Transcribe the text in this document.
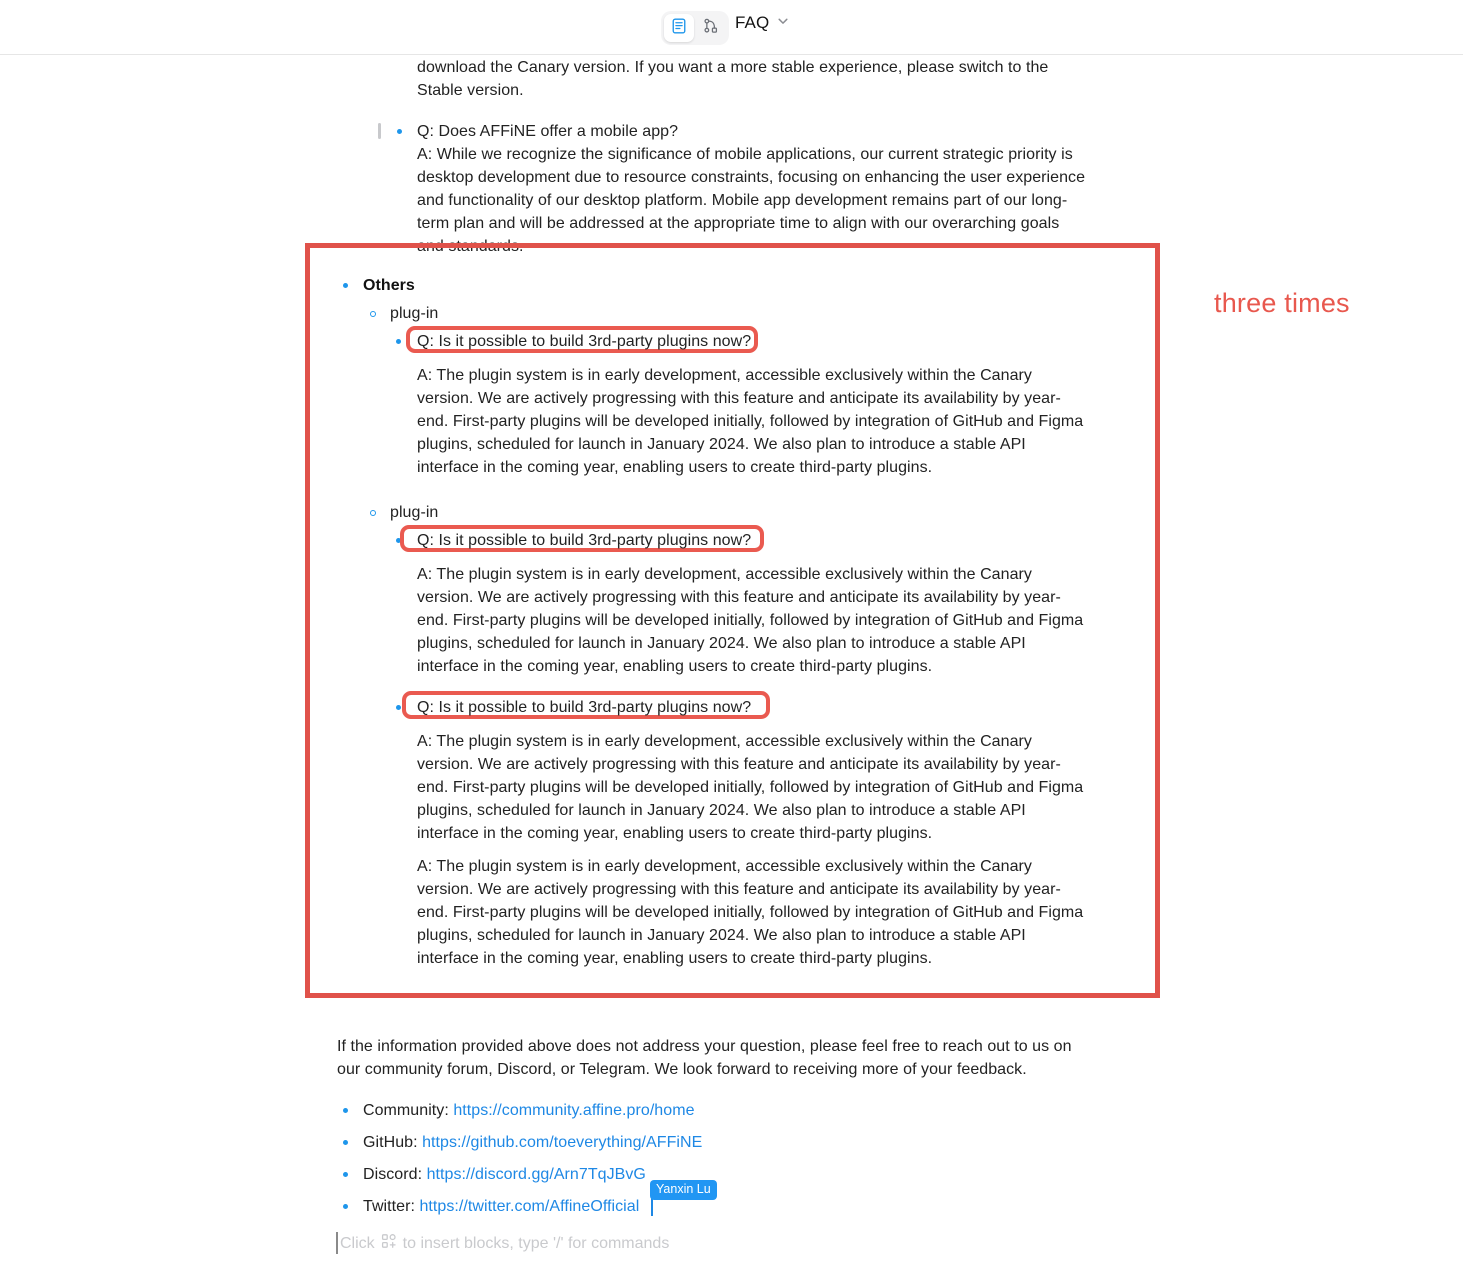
FAQ
download the Canary version. If you want a more stable experience, please switch to the Stable version.
Q: Does AFFiNE offer a mobile app?
A: While we recognize the significance of mobile applications, our current strategic priority is desktop development due to resource constraints, focusing on enhancing the user experience and functionality of our desktop platform. Mobile app development remains part of our long-term plan and will be addressed at the appropriate time to align with our overarching goals and standards.
three times
Others
plug-in
Q: Is it possible to build 3rd-party plugins now?
A: The plugin system is in early development, accessible exclusively within the Canary version. We are actively progressing with this feature and anticipate its availability by year-end. First-party plugins will be developed initially, followed by integration of GitHub and Figma plugins, scheduled for launch in January 2024. We also plan to introduce a stable API interface in the coming year, enabling users to create third-party plugins.
plug-in
Q: Is it possible to build 3rd-party plugins now?
A: The plugin system is in early development, accessible exclusively within the Canary version. We are actively progressing with this feature and anticipate its availability by year-end. First-party plugins will be developed initially, followed by integration of GitHub and Figma plugins, scheduled for launch in January 2024. We also plan to introduce a stable API interface in the coming year, enabling users to create third-party plugins.
Q: Is it possible to build 3rd-party plugins now?
A: The plugin system is in early development, accessible exclusively within the Canary version. We are actively progressing with this feature and anticipate its availability by year-end. First-party plugins will be developed initially, followed by integration of GitHub and Figma plugins, scheduled for launch in January 2024. We also plan to introduce a stable API interface in the coming year, enabling users to create third-party plugins.
A: The plugin system is in early development, accessible exclusively within the Canary version. We are actively progressing with this feature and anticipate its availability by year-end. First-party plugins will be developed initially, followed by integration of GitHub and Figma plugins, scheduled for launch in January 2024. We also plan to introduce a stable API interface in the coming year, enabling users to create third-party plugins.
If the information provided above does not address your question, please feel free to reach out to us on our community forum, Discord, or Telegram. We look forward to receiving more of your feedback.
Community: https://community.affine.pro/home
GitHub: https://github.com/toeverything/AFFiNE
Discord: https://discord.gg/Arn7TqJBvG
Twitter: https://twitter.com/AffineOfficial
Yanxin Lu
Click to insert blocks, type '/' for commands
